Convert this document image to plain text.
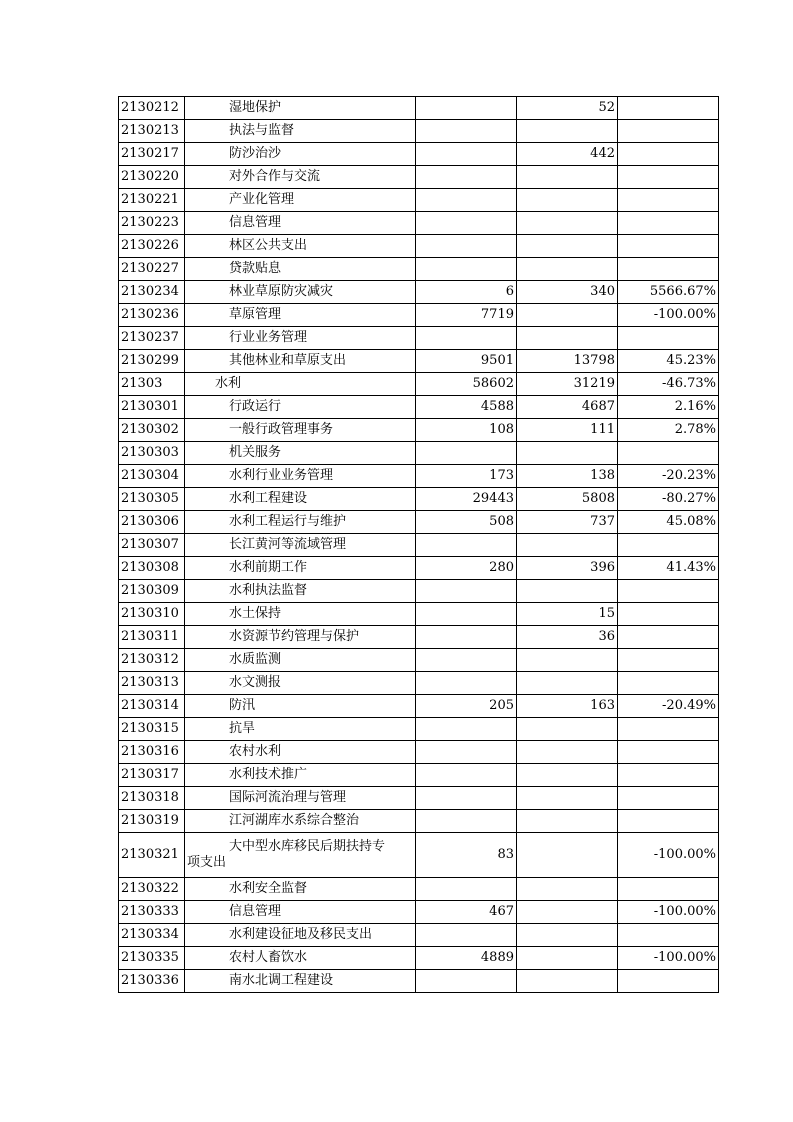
2130212	湿地保护		52	
2130213	执法与监督			
2130217	防沙治沙		442	
2130220	对外合作与交流			
2130221	产业化管理			
2130223	信息管理			
2130226	林区公共支出			
2130227	贷款贴息			
2130234	林业草原防灾减灾	6	340	5566.67%
2130236	草原管理	7719		-100.00%
2130237	行业业务管理			
2130299	其他林业和草原支出	9501	13798	45.23%
21303	水利	58602	31219	-46.73%
2130301	行政运行	4588	4687	2.16%
2130302	一般行政管理事务	108	111	2.78%
2130303	机关服务			
2130304	水利行业业务管理	173	138	-20.23%
2130305	水利工程建设	29443	5808	-80.27%
2130306	水利工程运行与维护	508	737	45.08%
2130307	长江黄河等流域管理			
2130308	水利前期工作	280	396	41.43%
2130309	水利执法监督			
2130310	水土保持		15	
2130311	水资源节约管理与保护		36	
2130312	水质监测			
2130313	水文测报			
2130314	防汛	205	163	-20.49%
2130315	抗旱			
2130316	农村水利			
2130317	水利技术推广			
2130318	国际河流治理与管理			
2130319	江河湖库水系综合整治			
2130321	大中型水库移民后期扶持专
项支出	83		-100.00%
2130322	水利安全监督			
2130333	信息管理	467		-100.00%
2130334	水利建设征地及移民支出			
2130335	农村人畜饮水	4889		-100.00%
2130336	南水北调工程建设			
